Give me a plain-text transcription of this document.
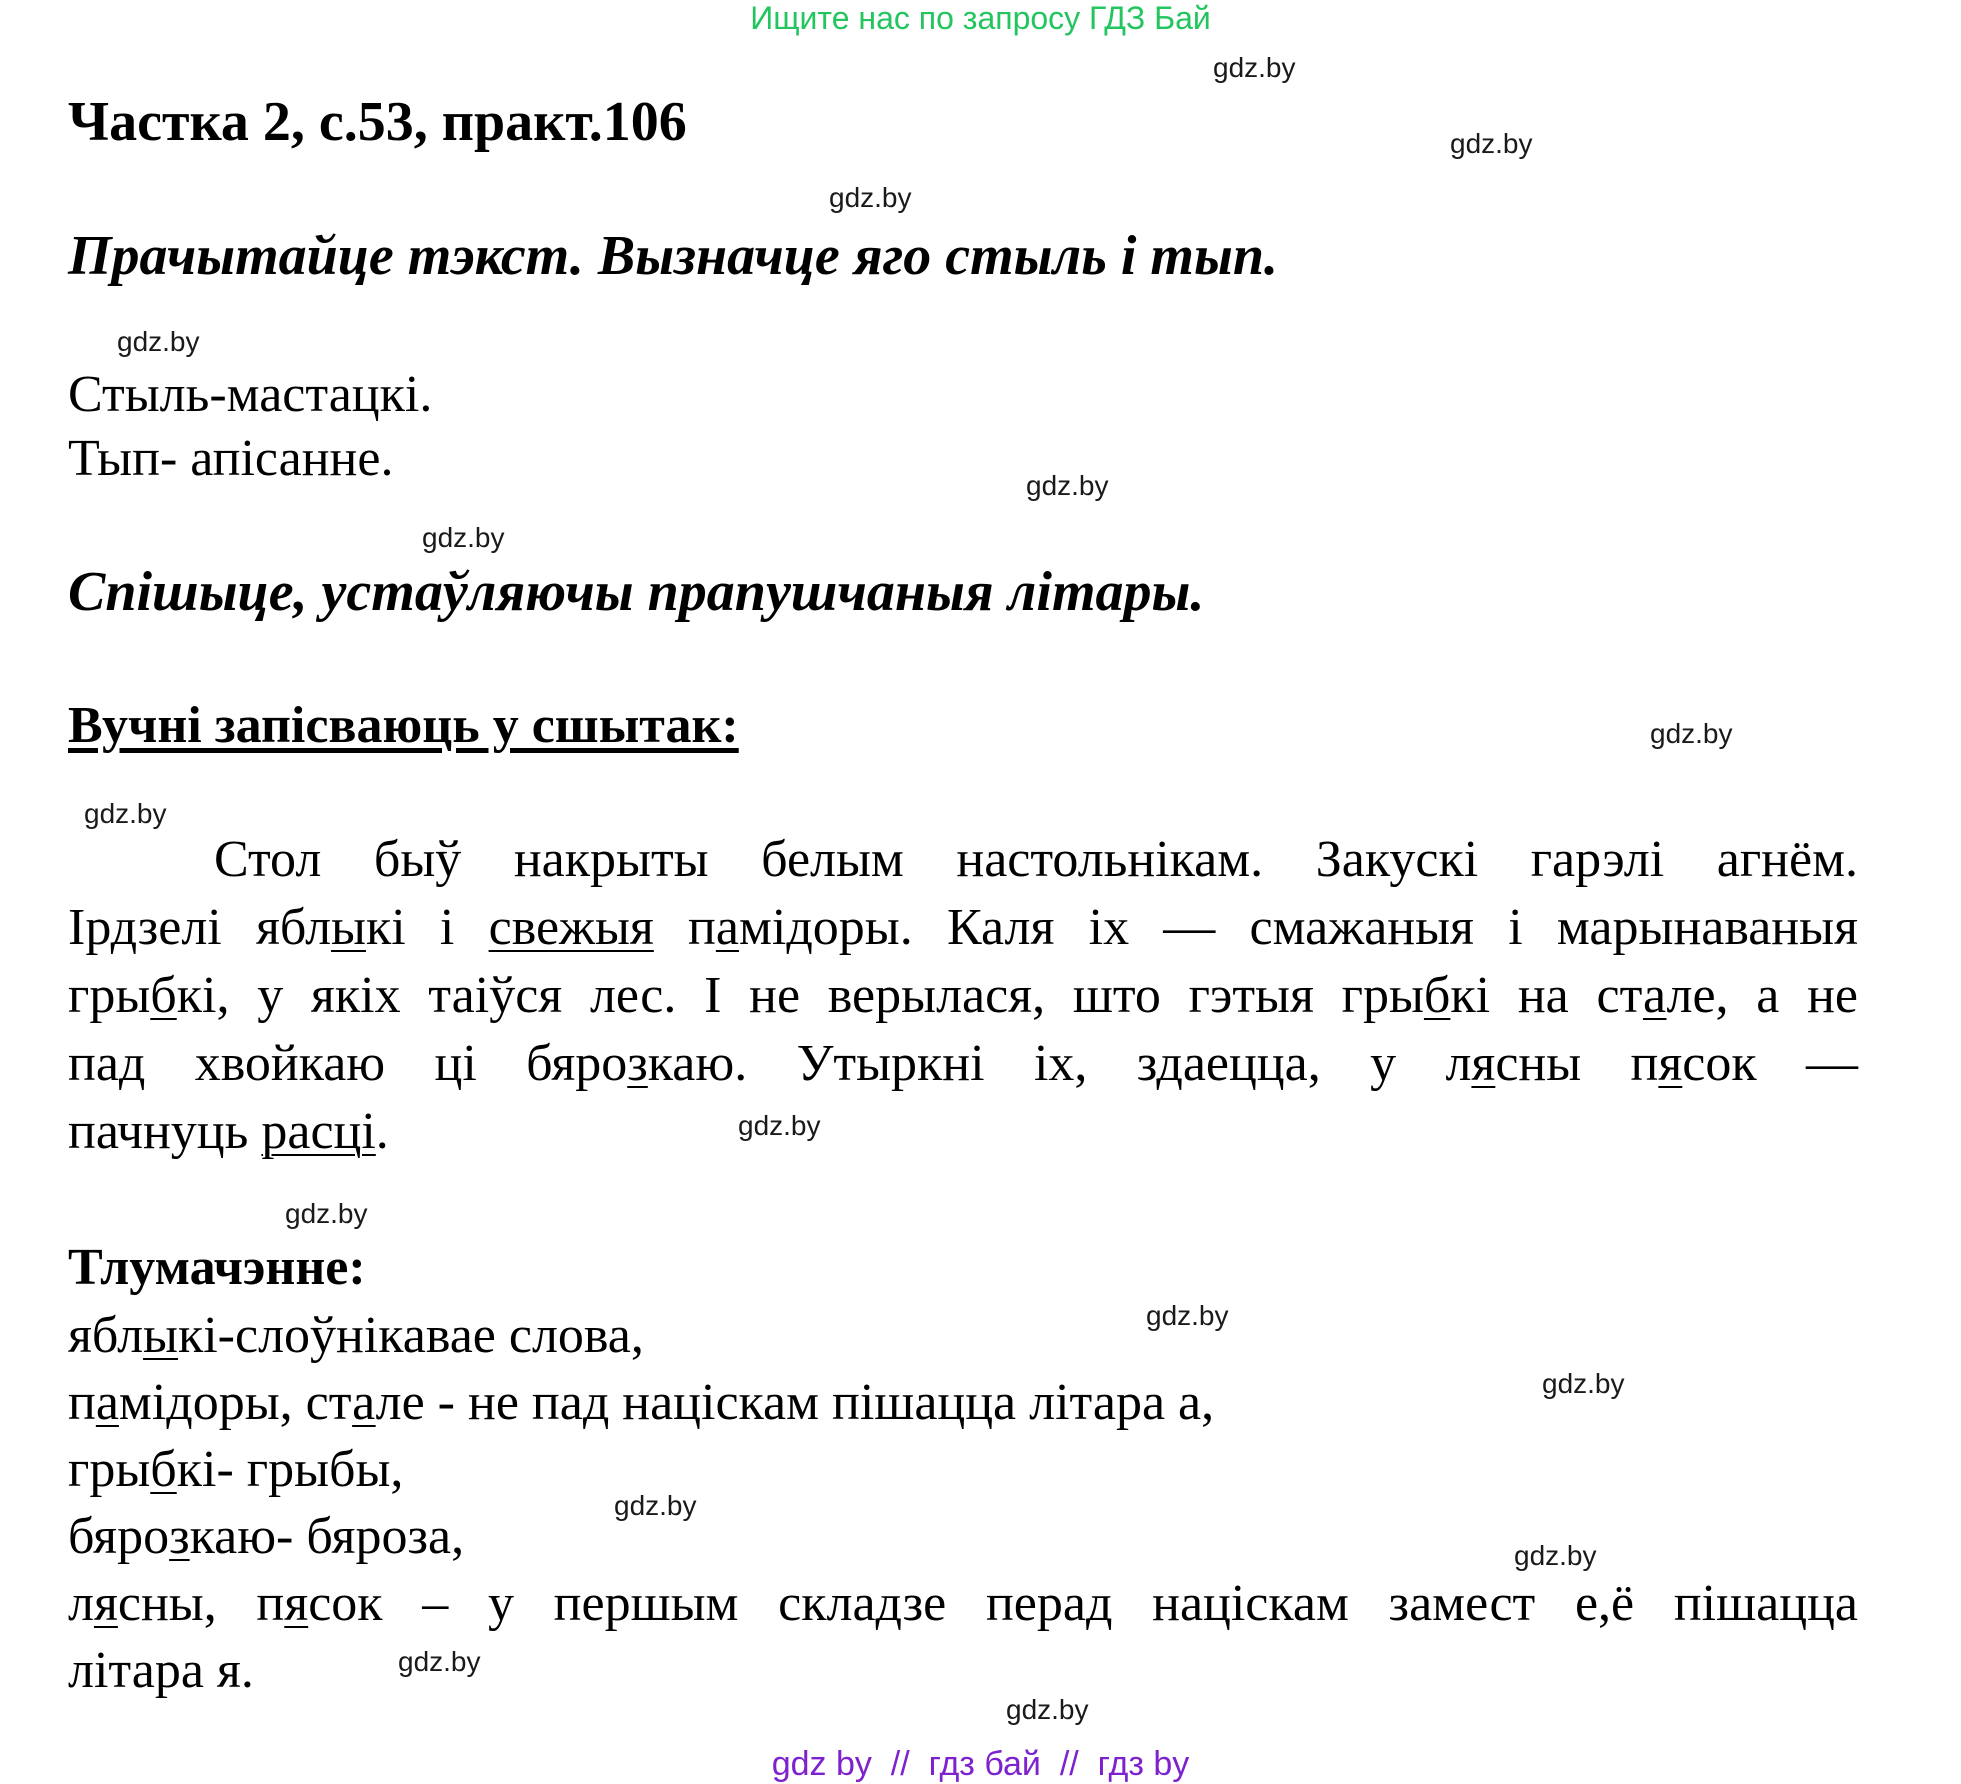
Ищите нас по запросу ГДЗ Бай
gdz.by
gdz.by
gdz.by
gdz.by
gdz.by
gdz.by
gdz.by
gdz.by
gdz.by
gdz.by
gdz.by
gdz.by
gdz.by
gdz.by
gdz.by
gdz.by
Частка 2, с.53, практ.106
Прачытайце тэкст. Вызначце яго стыль і тып.
Стыль-мастацкі.
Тып- апісанне.
Спішыце, устаўляючы прапушчаныя літары.
Вучні запісваюць у сшытак:
Стол быў накрыты белым настольнікам. Закускі гарэлі агнём.
Ірдзелі яблыкі і свежыя памідоры. Каля іх — смажаныя і марынаваныя
грыбкі, у якіх таіўся лес. І не верылася, што гэтыя грыбкі на стале, а не
пад хвойкаю ці бярозкаю. Утыркні іх, здаецца, у лясны пясок —
пачнуць расці.
Тлумачэнне:
яблыкі-слоўнікавае слова,
памідоры, стале - не пад націскам пішацца літара а,
грыбкі- грыбы,
бярозкаю- бяроза,
лясны, пясок – у першым складзе перад націскам замест е,ё пішацца
літара я.
gdz by  //  гдз бай  //  гдз by
